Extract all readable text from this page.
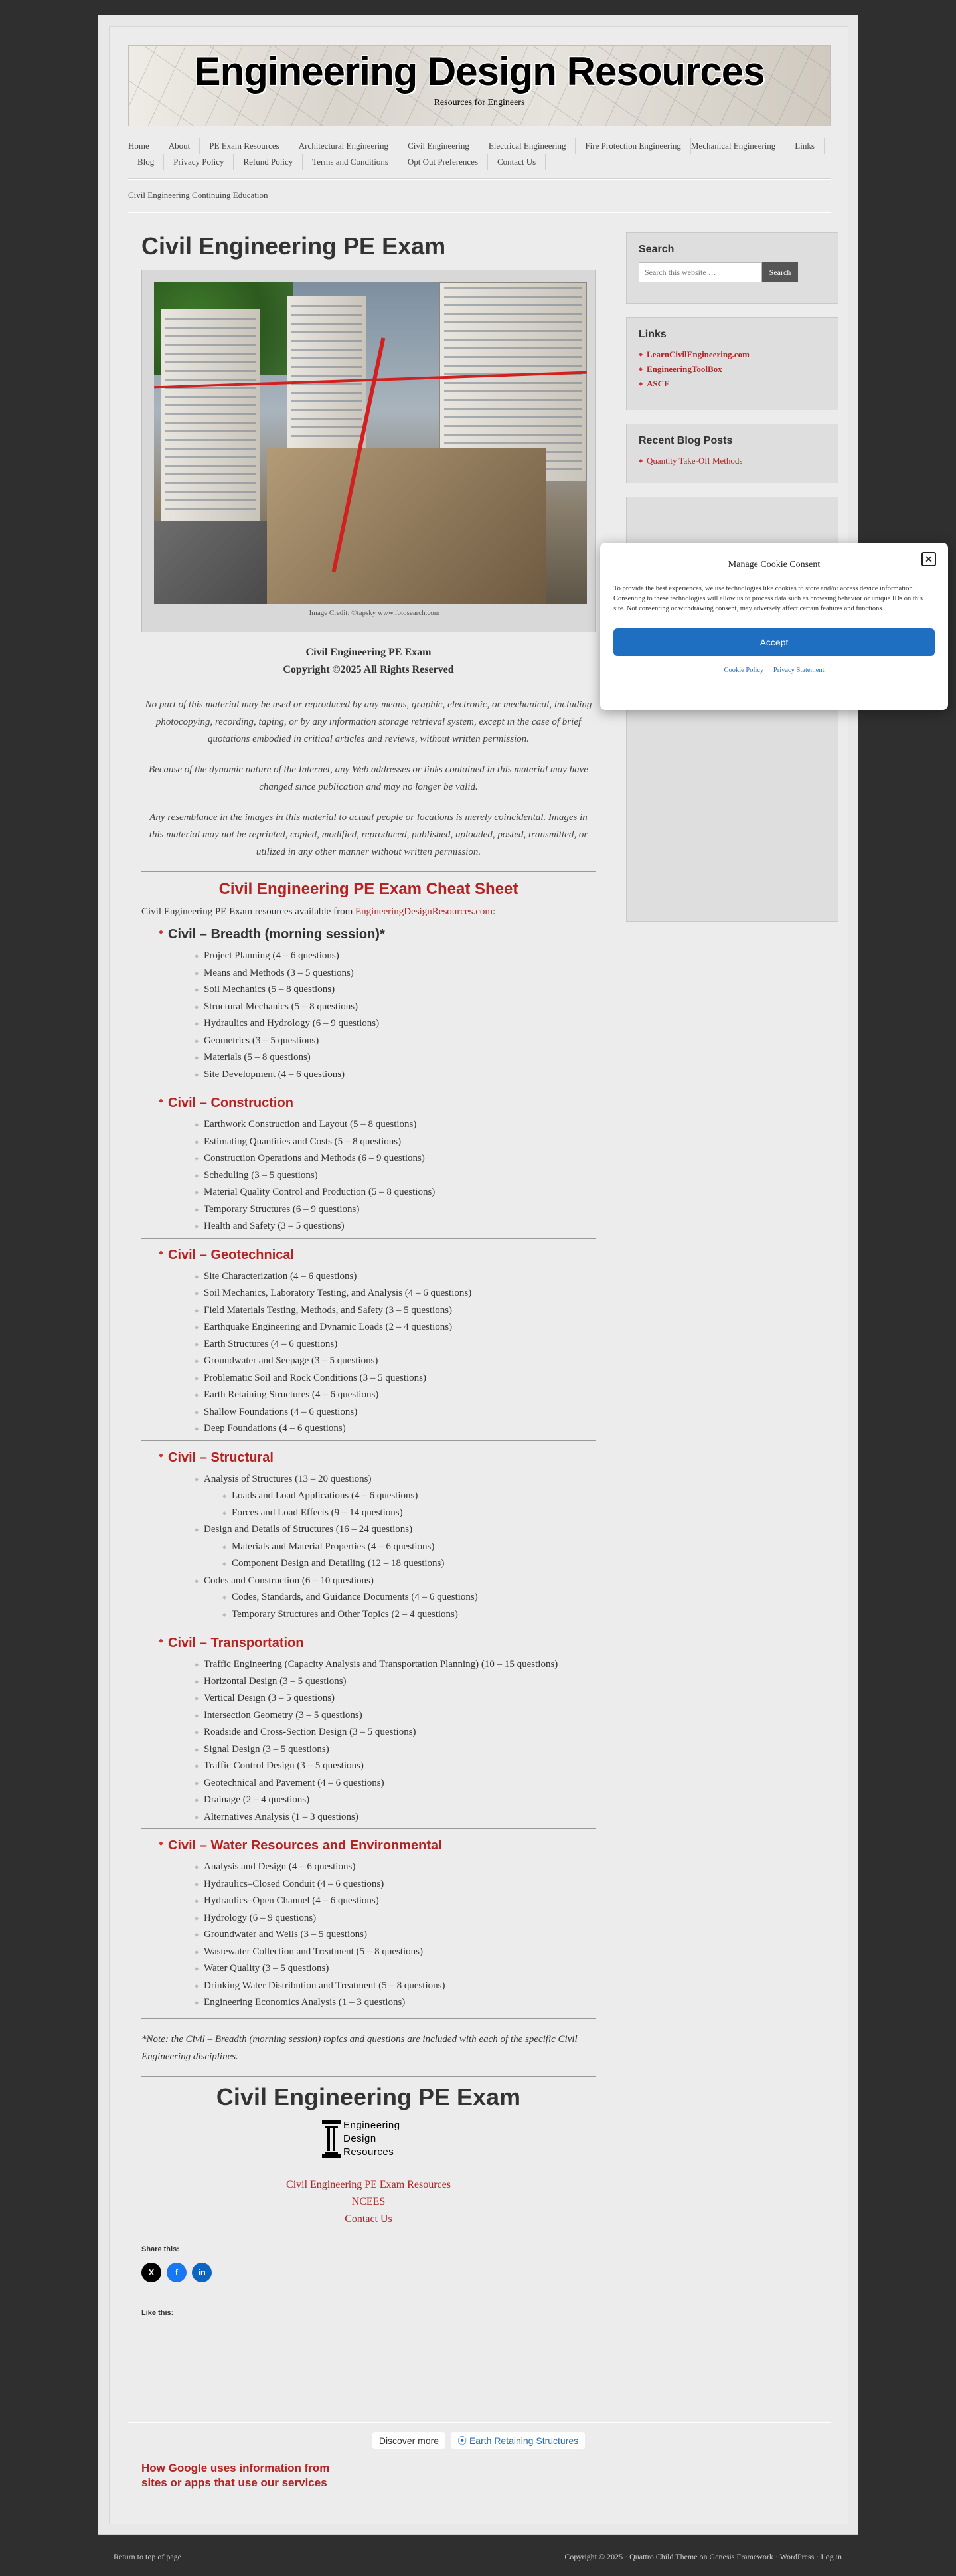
Engineering Design Resources
Resources for Engineers
Home	About	PE Exam Resources	Architectural Engineering	Civil Engineering	Electrical Engineering	Fire Protection Engineering	Mechanical Engineering	Links
Blog	Privacy Policy	Refund Policy	Terms and Conditions	Opt Out Preferences	Contact Us
Civil Engineering Continuing Education
Civil Engineering PE Exam
Image Credit: ©tapsky www.fotosearch.com
Civil Engineering PE Exam
Copyright ©2025 All Rights Reserved
No part of this material may be used or reproduced by any means, graphic, electronic, or mechanical, including photocopying, recording, taping, or by any information storage retrieval system, except in the case of brief quotations embodied in critical articles and reviews, without written permission.
Because of the dynamic nature of the Internet, any Web addresses or links contained in this material may have changed since publication and may no longer be valid.
Any resemblance in the images in this material to actual people or locations is merely coincidental. Images in this material may not be reprinted, copied, modified, reproduced, published, uploaded, posted, transmitted, or utilized in any other manner without written permission.
Civil Engineering PE Exam Cheat Sheet
Civil Engineering PE Exam resources available from EngineeringDesignResources.com:
◆ Civil – Breadth (morning session)*
◆ Project Planning (4 – 6 questions)
◆ Means and Methods (3 – 5 questions)
◆ Soil Mechanics (5 – 8 questions)
◆ Structural Mechanics (5 – 8 questions)
◆ Hydraulics and Hydrology (6 – 9 questions)
◆ Geometrics (3 – 5 questions)
◆ Materials (5 – 8 questions)
◆ Site Development (4 – 6 questions)
◆ Civil – Construction
◆ Earthwork Construction and Layout (5 – 8 questions)
◆ Estimating Quantities and Costs (5 – 8 questions)
◆ Construction Operations and Methods (6 – 9 questions)
◆ Scheduling (3 – 5 questions)
◆ Material Quality Control and Production (5 – 8 questions)
◆ Temporary Structures (6 – 9 questions)
◆ Health and Safety (3 – 5 questions)
◆ Civil – Geotechnical
◆ Site Characterization (4 – 6 questions)
◆ Soil Mechanics, Laboratory Testing, and Analysis (4 – 6 questions)
◆ Field Materials Testing, Methods, and Safety (3 – 5 questions)
◆ Earthquake Engineering and Dynamic Loads (2 – 4 questions)
◆ Earth Structures (4 – 6 questions)
◆ Groundwater and Seepage (3 – 5 questions)
◆ Problematic Soil and Rock Conditions (3 – 5 questions)
◆ Earth Retaining Structures (4 – 6 questions)
◆ Shallow Foundations (4 – 6 questions)
◆ Deep Foundations (4 – 6 questions)
◆ Civil – Structural
◆ Analysis of Structures (13 – 20 questions)
◆ Loads and Load Applications (4 – 6 questions)
◆ Forces and Load Effects (9 – 14 questions)
◆ Design and Details of Structures (16 – 24 questions)
◆ Materials and Material Properties (4 – 6 questions)
◆ Component Design and Detailing (12 – 18 questions)
◆ Codes and Construction (6 – 10 questions)
◆ Codes, Standards, and Guidance Documents (4 – 6 questions)
◆ Temporary Structures and Other Topics (2 – 4 questions)
◆ Civil – Transportation
◆ Traffic Engineering (Capacity Analysis and Transportation Planning) (10 – 15 questions)
◆ Horizontal Design (3 – 5 questions)
◆ Vertical Design (3 – 5 questions)
◆ Intersection Geometry (3 – 5 questions)
◆ Roadside and Cross-Section Design (3 – 5 questions)
◆ Signal Design (3 – 5 questions)
◆ Traffic Control Design (3 – 5 questions)
◆ Geotechnical and Pavement (4 – 6 questions)
◆ Drainage (2 – 4 questions)
◆ Alternatives Analysis (1 – 3 questions)
◆ Civil – Water Resources and Environmental
◆ Analysis and Design (4 – 6 questions)
◆ Hydraulics–Closed Conduit (4 – 6 questions)
◆ Hydraulics–Open Channel (4 – 6 questions)
◆ Hydrology (6 – 9 questions)
◆ Groundwater and Wells (3 – 5 questions)
◆ Wastewater Collection and Treatment (5 – 8 questions)
◆ Water Quality (3 – 5 questions)
◆ Drinking Water Distribution and Treatment (5 – 8 questions)
◆ Engineering Economics Analysis (1 – 3 questions)
*Note: the Civil – Breadth (morning session) topics and questions are included with each of the specific Civil Engineering disciplines.
Civil Engineering PE Exam
Engineering
Design
Resources
Civil Engineering PE Exam Resources
NCEES
Contact Us
Share this:
X	f	in
Like this:
Search
Search this website …
Search
Links
◆ LearnCivilEngineering.com
◆ EngineeringToolBox
◆ ASCE
Recent Blog Posts
◆ Quantity Take-Off Methods
Discover more	⦿ Earth Retaining Structures
How Google uses information from sites or apps that use our services
Return to top of page	Copyright © 2025 · Quattro Child Theme on Genesis Framework · WordPress · Log in
Manage Cookie Consent
✕

To provide the best experiences, we use technologies like cookies to store and/or access device information. Consenting to these technologies will allow us to process data such as browsing behavior or unique IDs on this site. Not consenting or withdrawing consent, may adversely affect certain features and functions.

Accept
Cookie Policy Privacy Statement
